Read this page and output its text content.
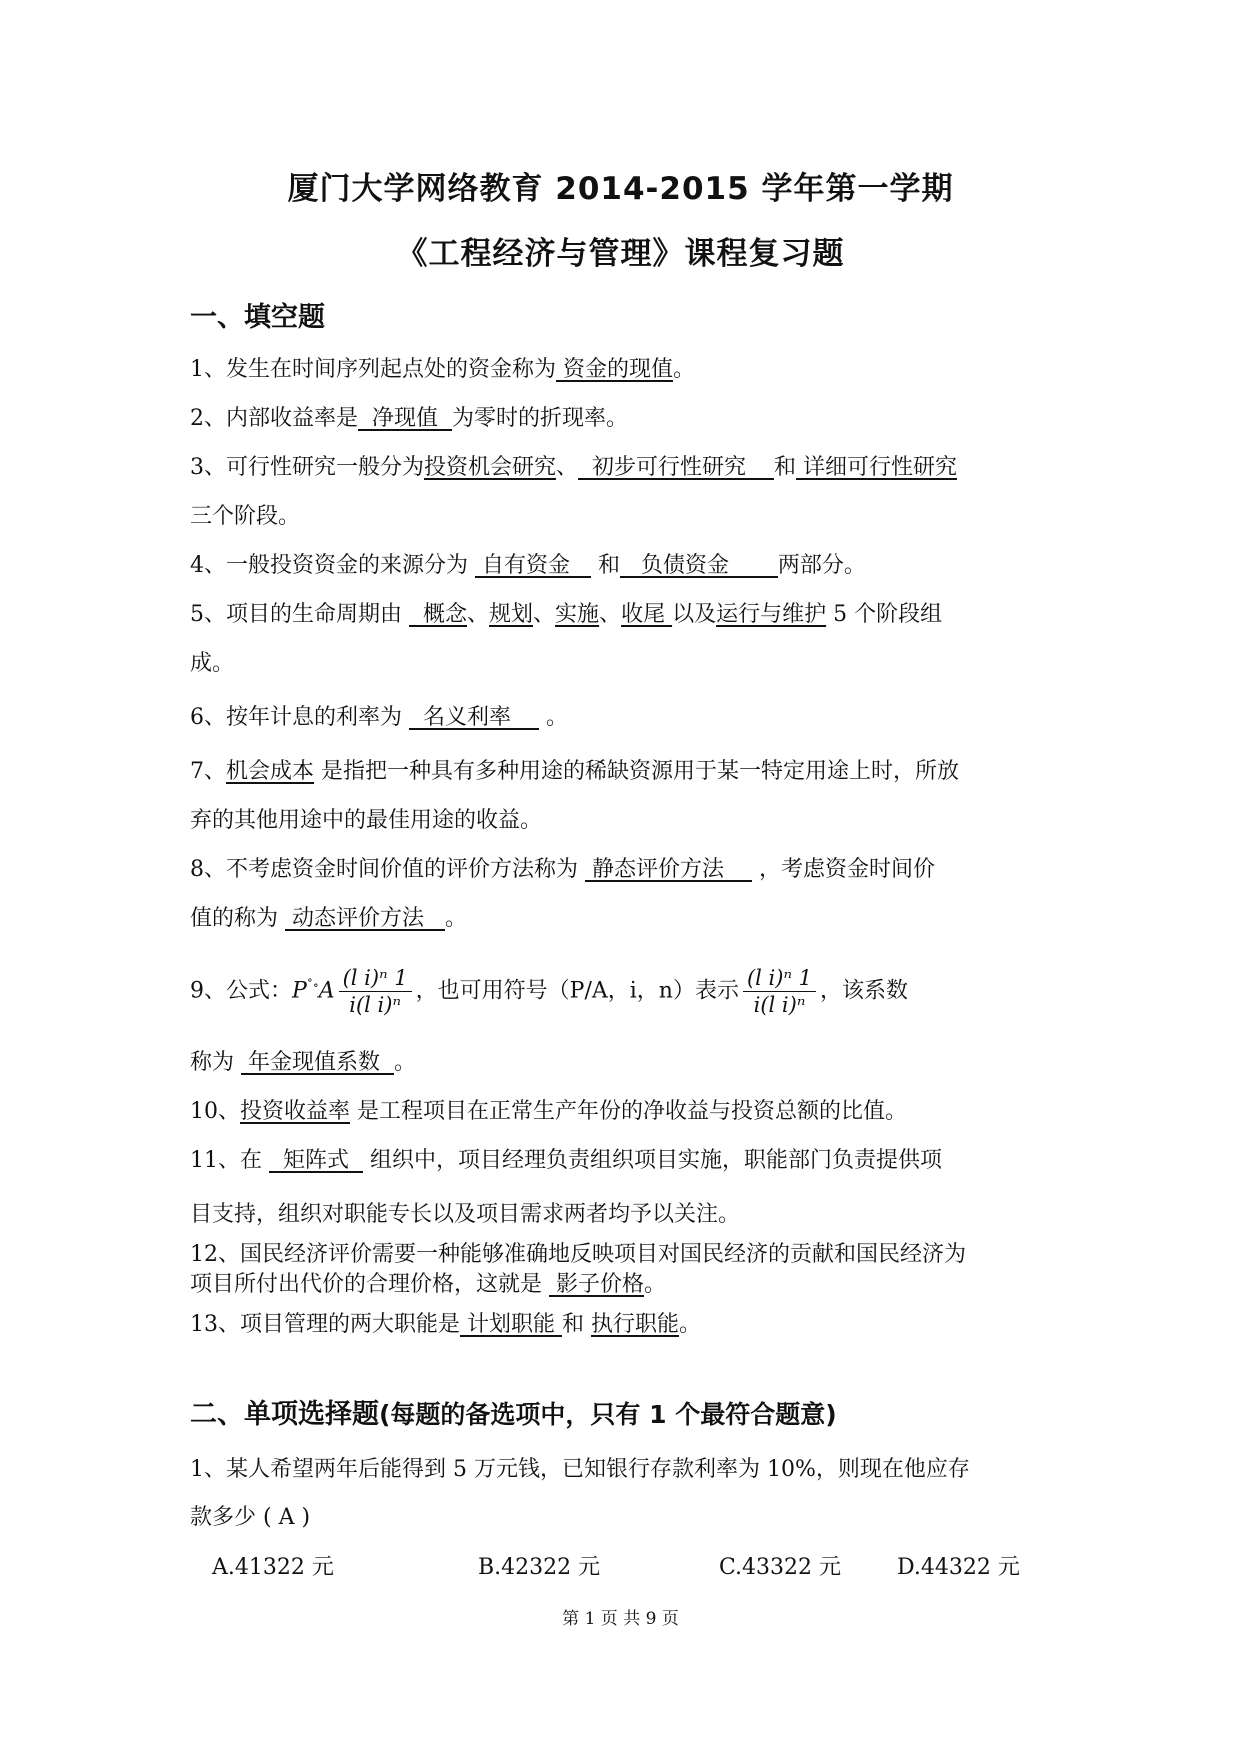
厦门大学网络教育 2014-2015 学年第一学期
《工程经济与管理》课程复习题
一、填空题
1、发生在时间序列起点处的资金称为 资金的现值。
2、内部收益率是  净现值  为零时的折现率。
3、可行性研究一般分为投资机会研究、  初步可行性研究    和 详细可行性研究
三个阶段。
4、一般投资资金的来源分为  自有资金    和   负债资金       两部分。
5、项目的生命周期由   概念、规划、实施、收尾 以及运行与维护 5 个阶段组
成。
6、按年计息的利率为   名义利率     。
7、机会成本 是指把一种具有多种用途的稀缺资源用于某一特定用途上时，所放
弃的其他用途中的最佳用途的收益。
8、不考虑资金时间价值的评价方法称为  静态评价方法     ，考虑资金时间价
值的称为  动态评价方法   。
9、公式：$P^{˚\circ}A \frac{\text{(l i)ⁿ 1}}{\text{i(l i)ⁿ}}$ ，也可用符号（P/A，i，n）表示 $\frac{\text{(l i)ⁿ 1}}{\text{i(l i)ⁿ}}$ ，该系数
称为  年金现值系数  。
10、投资收益率 是工程项目在正常生产年份的净收益与投资总额的比值。
11、在   矩阵式   组织中，项目经理负责组织项目实施，职能部门负责提供项
目支持，组织对职能专长以及项目需求两者均予以关注。
12、国民经济评价需要一种能够准确地反映项目对国民经济的贡献和国民经济为
项目所付出代价的合理价格，这就是  影子价格。
13、项目管理的两大职能是 计划职能 和 执行职能。
二、单项选择题(每题的备选项中，只有 1 个最符合题意)
1、某人希望两年后能得到 5 万元钱，已知银行存款利率为 10%，则现在他应存
款多少 ( A )
A.41322 元	B.42322 元	C.43322 元	D.44322 元
第 1 页 共 9 页
